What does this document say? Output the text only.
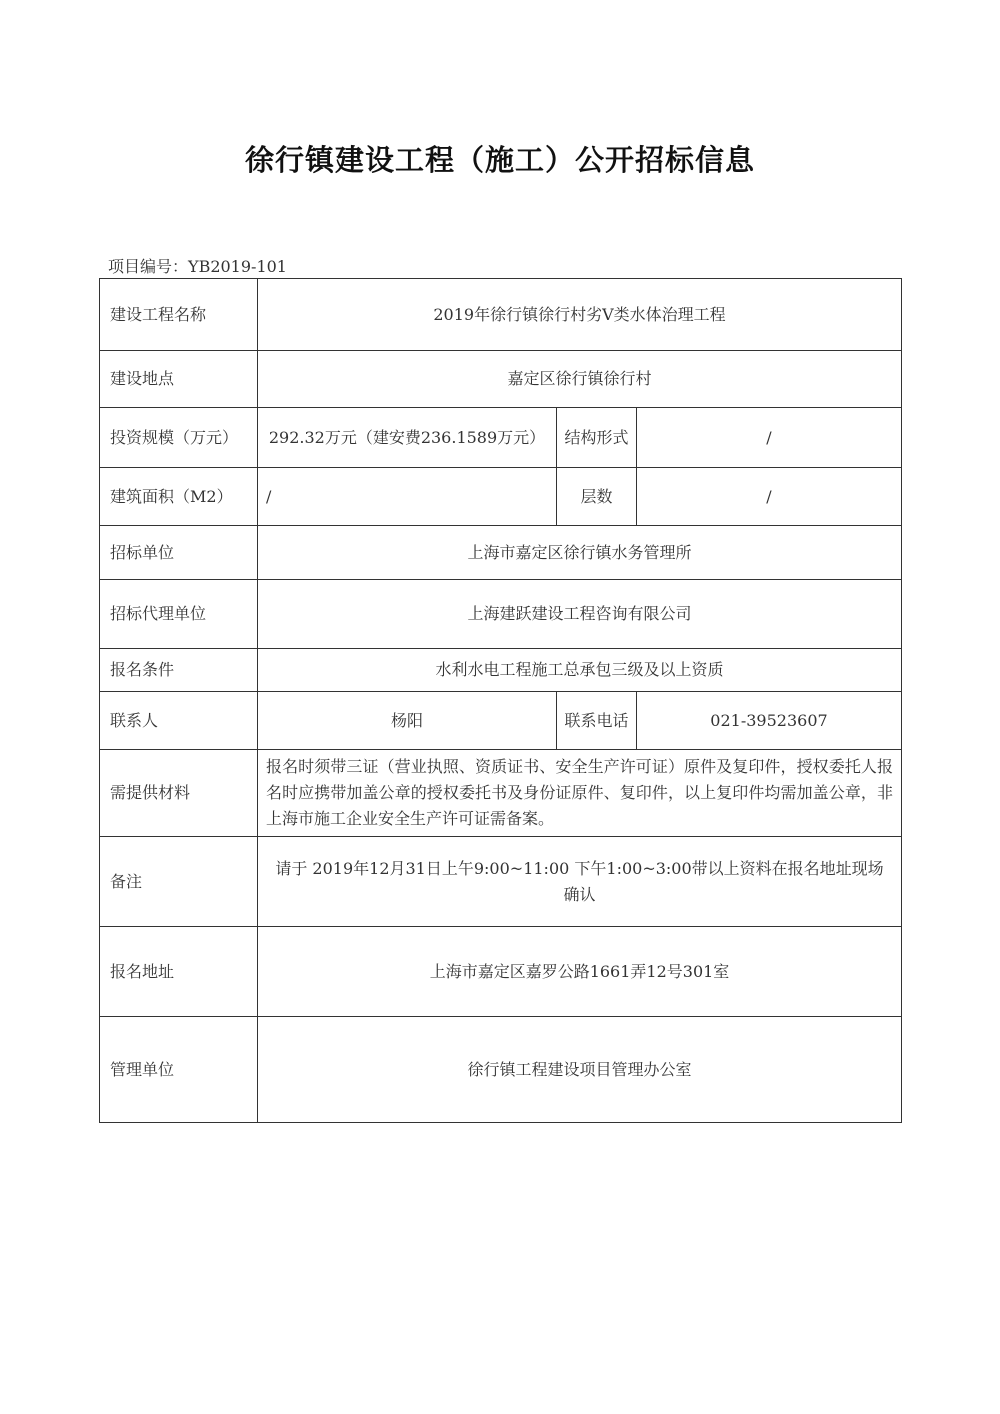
徐行镇建设工程（施工）公开招标信息
项目编号：YB2019-101
建设工程名称	2019年徐行镇徐行村劣Ⅴ类水体治理工程		
建设地点	嘉定区徐行镇徐行村		
投资规模（万元）	292.32万元（建安费236.1589万元）	结构形式	/
建筑面积（M2）	/	层数	/
招标单位	上海市嘉定区徐行镇水务管理所		
招标代理单位	上海建跃建设工程咨询有限公司		
报名条件	水利水电工程施工总承包三级及以上资质		
联系人	杨阳	联系电话	021-39523607
需提供材料	报名时须带三证（营业执照、资质证书、安全生产许可证）原件及复印件，授权委托人报名时应携带加盖公章的授权委托书及身份证原件、复印件，以上复印件均需加盖公章，非上海市施工企业安全生产许可证需备案。		
备注	请于 2019年12月31日上午9:00~11:00 下午1:00~3:00带以上资料在报名地址现场确认		
报名地址	上海市嘉定区嘉罗公路1661弄12号301室		
管理单位	徐行镇工程建设项目管理办公室		
